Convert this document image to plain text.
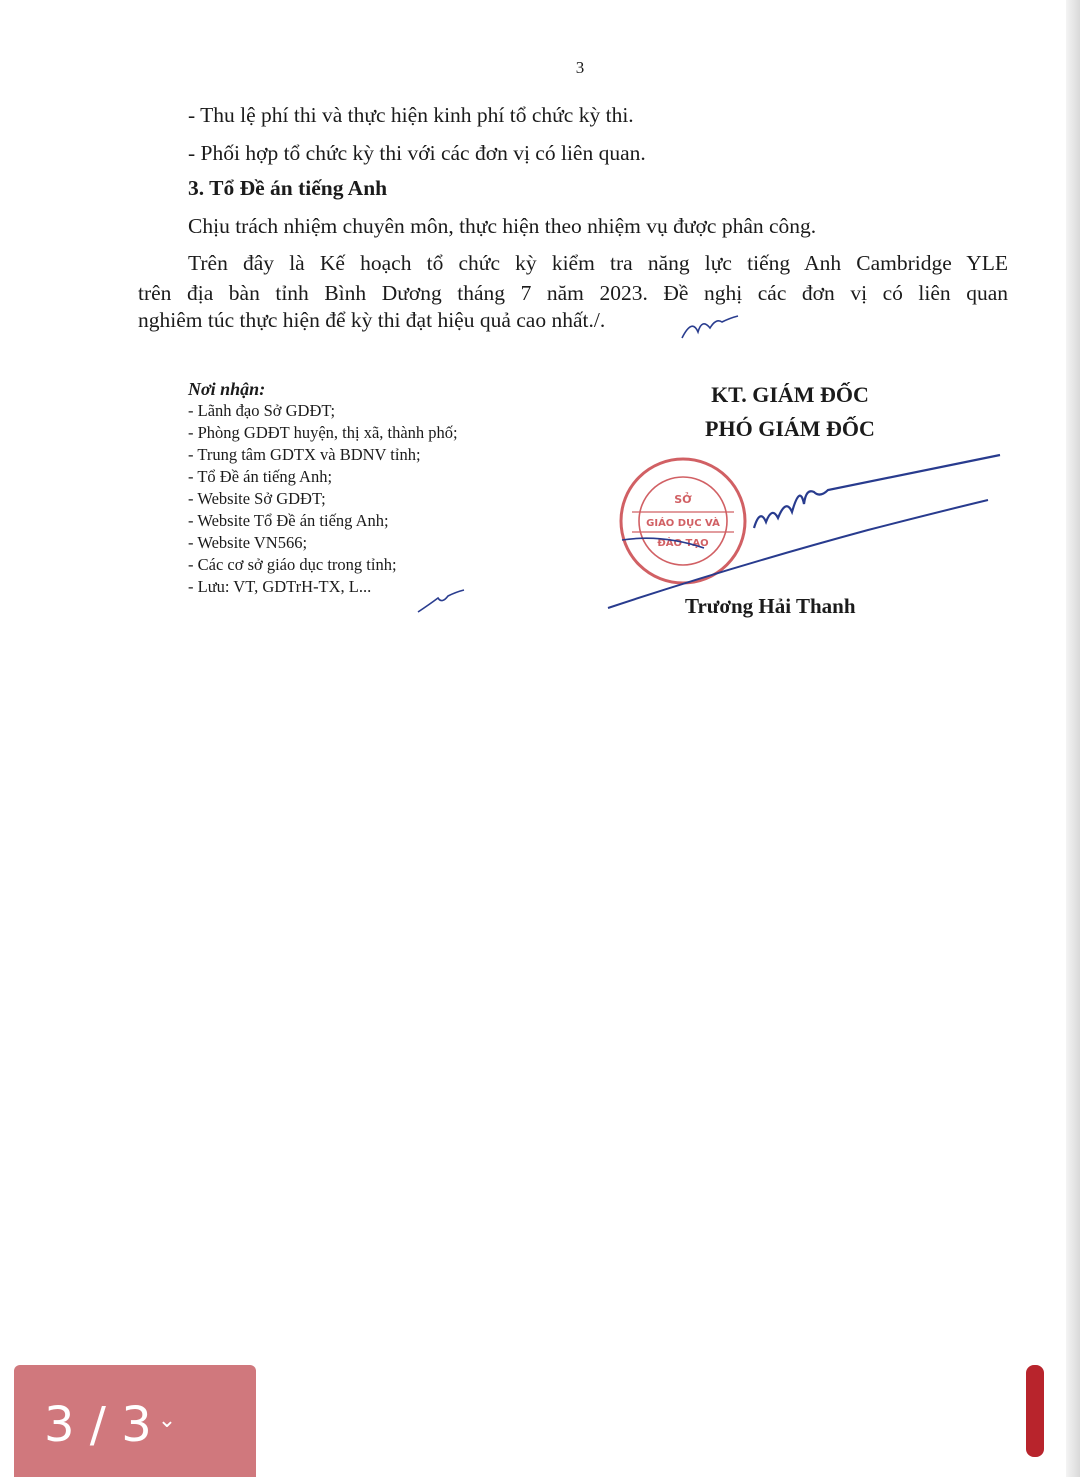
3
- Thu lệ phí thi và thực hiện kinh phí tổ chức kỳ thi.
- Phối hợp tổ chức kỳ thi với các đơn vị có liên quan.
3. Tổ Đề án tiếng Anh
Chịu trách nhiệm chuyên môn, thực hiện theo nhiệm vụ được phân công.
Trên đây là Kế hoạch tổ chức kỳ kiểm tra năng lực tiếng Anh Cambridge YLE
trên địa bàn tỉnh Bình Dương tháng 7 năm 2023. Đề nghị các đơn vị có liên quan
nghiêm túc thực hiện để kỳ thi đạt hiệu quả cao nhất./.
Nơi nhận:
- Lãnh đạo Sở GDĐT;
- Phòng GDĐT huyện, thị xã, thành phố;
- Trung tâm GDTX và BDNV tỉnh;
- Tổ Đề án tiếng Anh;
- Website Sở GDĐT;
- Website Tổ Đề án tiếng Anh;
- Website VN566;
- Các cơ sở giáo dục trong tỉnh;
- Lưu: VT, GDTrH-TX, L...
KT. GIÁM ĐỐC
PHÓ GIÁM ĐỐC
SỞ
GIÁO DỤC VÀ
ĐÀO TẠO
Trương Hải Thanh
3 / 3 ⌄
